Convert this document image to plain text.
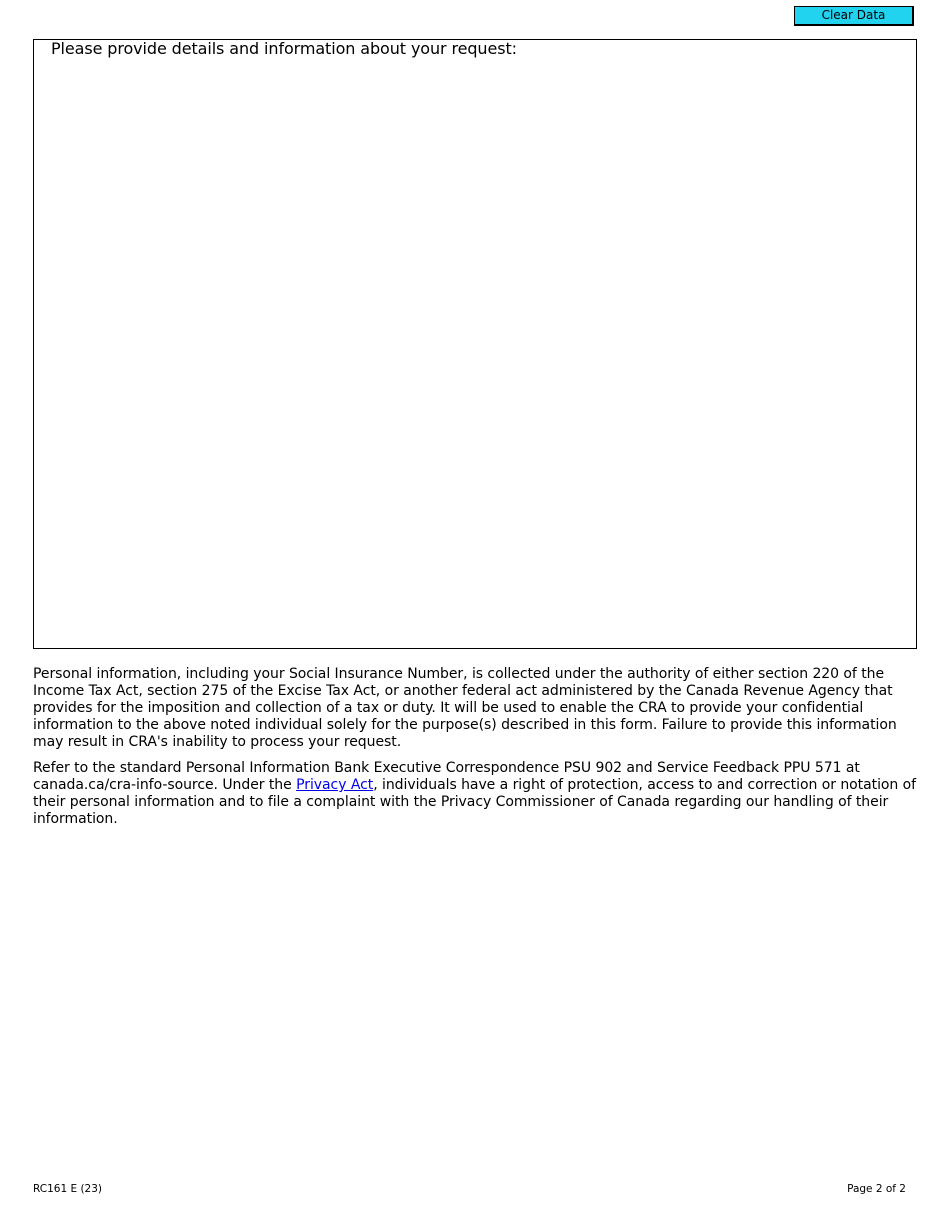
Clear Data
Please provide details and information about your request:

Personal information, including your Social Insurance Number, is collected under the authority of either section 220 of the Income Tax Act, section 275 of the Excise Tax Act, or another federal act administered by the Canada Revenue Agency that provides for the imposition and collection of a tax or duty. It will be used to enable the CRA to provide your confidential information to the above noted individual solely for the purpose(s) described in this form. Failure to provide this information may result in CRA's inability to process your request.

Refer to the standard Personal Information Bank Executive Correspondence PSU 902 and Service Feedback PPU 571 at canada.ca/cra-info-source. Under the Privacy Act, individuals have a right of protection, access to and correction or notation of their personal information and to file a complaint with the Privacy Commissioner of Canada regarding our handling of their information.

RC161 E (23)	Page 2 of 2
